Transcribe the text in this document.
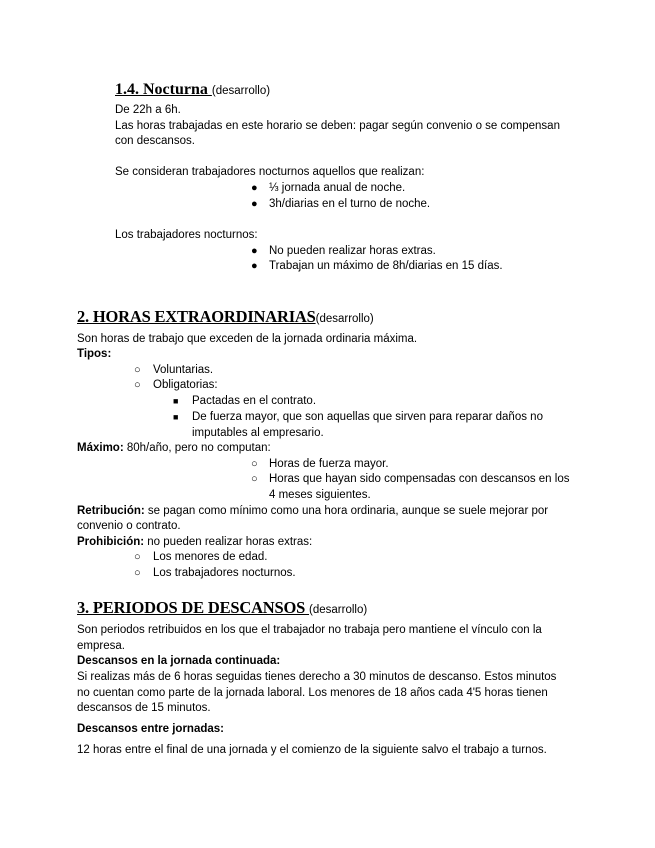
1.4. Nocturna (desarrollo)
De 22h a 6h.
Las horas trabajadas en este horario se deben: pagar según convenio o se compensan
con descansos.
Se consideran trabajadores nocturnos aquellos que realizan:
● ⅓ jornada anual de noche.
● 3h/diarias en el turno de noche.
Los trabajadores nocturnos:
● No pueden realizar horas extras.
● Trabajan un máximo de 8h/diarias en 15 días.
2. HORAS EXTRAORDINARIAS(desarrollo)
Son horas de trabajo que exceden de la jornada ordinaria máxima.
Tipos:
○ Voluntarias.
○ Obligatorias:
■ Pactadas en el contrato.
■ De fuerza mayor, que son aquellas que sirven para reparar daños no
imputables al empresario.
Máximo: 80h/año, pero no computan:
○ Horas de fuerza mayor.
○ Horas que hayan sido compensadas con descansos en los
4 meses siguientes.
Retribución: se pagan como mínimo como una hora ordinaria, aunque se suele mejorar por
convenio o contrato.
Prohibición: no pueden realizar horas extras:
○ Los menores de edad.
○ Los trabajadores nocturnos.
3. PERIODOS DE DESCANSOS (desarrollo)
Son periodos retribuidos en los que el trabajador no trabaja pero mantiene el vínculo con la
empresa.
Descansos en la jornada continuada:
Si realizas más de 6 horas seguidas tienes derecho a 30 minutos de descanso. Estos minutos
no cuentan como parte de la jornada laboral. Los menores de 18 años cada 4'5 horas tienen
descansos de 15 minutos.
Descansos entre jornadas:
12 horas entre el final de una jornada y el comienzo de la siguiente salvo el trabajo a turnos.
